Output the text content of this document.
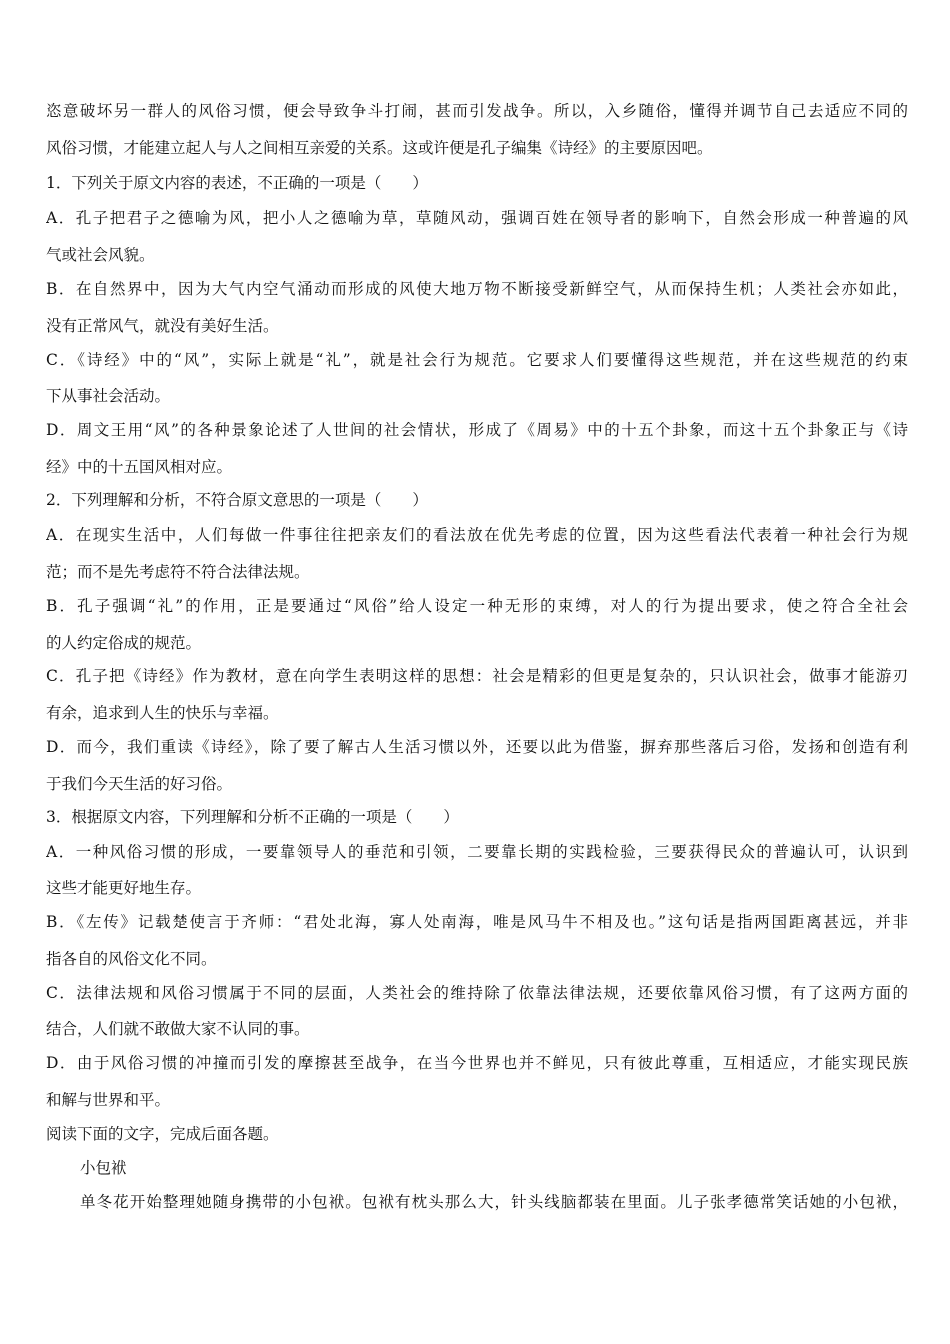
恣意破坏另一群人的风俗习惯，便会导致争斗打闹，甚而引发战争。所以，入乡随俗，懂得并调节自己去适应不同的
风俗习惯，才能建立起人与人之间相互亲爱的关系。这或许便是孔子编集《诗经》的主要原因吧。
1．下列关于原文内容的表述，不正确的一项是（　　）
A．孔子把君子之德喻为风，把小人之德喻为草，草随风动，强调百姓在领导者的影响下，自然会形成一种普遍的风
气或社会风貌。
B．在自然界中，因为大气内空气涌动而形成的风使大地万物不断接受新鲜空气，从而保持生机；人类社会亦如此，
没有正常风气，就没有美好生活。
C．《诗经》中的“风”，实际上就是“礼”，就是社会行为规范。它要求人们要懂得这些规范，并在这些规范的约束
下从事社会活动。
D．周文王用“风”的各种景象论述了人世间的社会情状，形成了《周易》中的十五个卦象，而这十五个卦象正与《诗
经》中的十五国风相对应。
2．下列理解和分析，不符合原文意思的一项是（　　）
A．在现实生活中，人们每做一件事往往把亲友们的看法放在优先考虑的位置，因为这些看法代表着一种社会行为规
范；而不是先考虑符不符合法律法规。
B．孔子强调“礼”的作用，正是要通过“风俗”给人设定一种无形的束缚，对人的行为提出要求，使之符合全社会
的人约定俗成的规范。
C．孔子把《诗经》作为教材，意在向学生表明这样的思想：社会是精彩的但更是复杂的，只认识社会，做事才能游刃
有余，追求到人生的快乐与幸福。
D．而今，我们重读《诗经》，除了要了解古人生活习惯以外，还要以此为借鉴，摒弃那些落后习俗，发扬和创造有利
于我们今天生活的好习俗。
3．根据原文内容，下列理解和分析不正确的一项是（　　）
A．一种风俗习惯的形成，一要靠领导人的垂范和引领，二要靠长期的实践检验，三要获得民众的普遍认可，认识到
这些才能更好地生存。
B．《左传》记载楚使言于齐师：“君处北海，寡人处南海，唯是风马牛不相及也。”这句话是指两国距离甚远，并非
指各自的风俗文化不同。
C．法律法规和风俗习惯属于不同的层面，人类社会的维持除了依靠法律法规，还要依靠风俗习惯，有了这两方面的
结合，人们就不敢做大家不认同的事。
D．由于风俗习惯的冲撞而引发的摩擦甚至战争，在当今世界也并不鲜见，只有彼此尊重，互相适应，才能实现民族
和解与世界和平。
阅读下面的文字，完成后面各题。
小包袱
单冬花开始整理她随身携带的小包袱。包袱有枕头那么大，针头线脑都装在里面。儿子张孝德常笑话她的小包袱，
